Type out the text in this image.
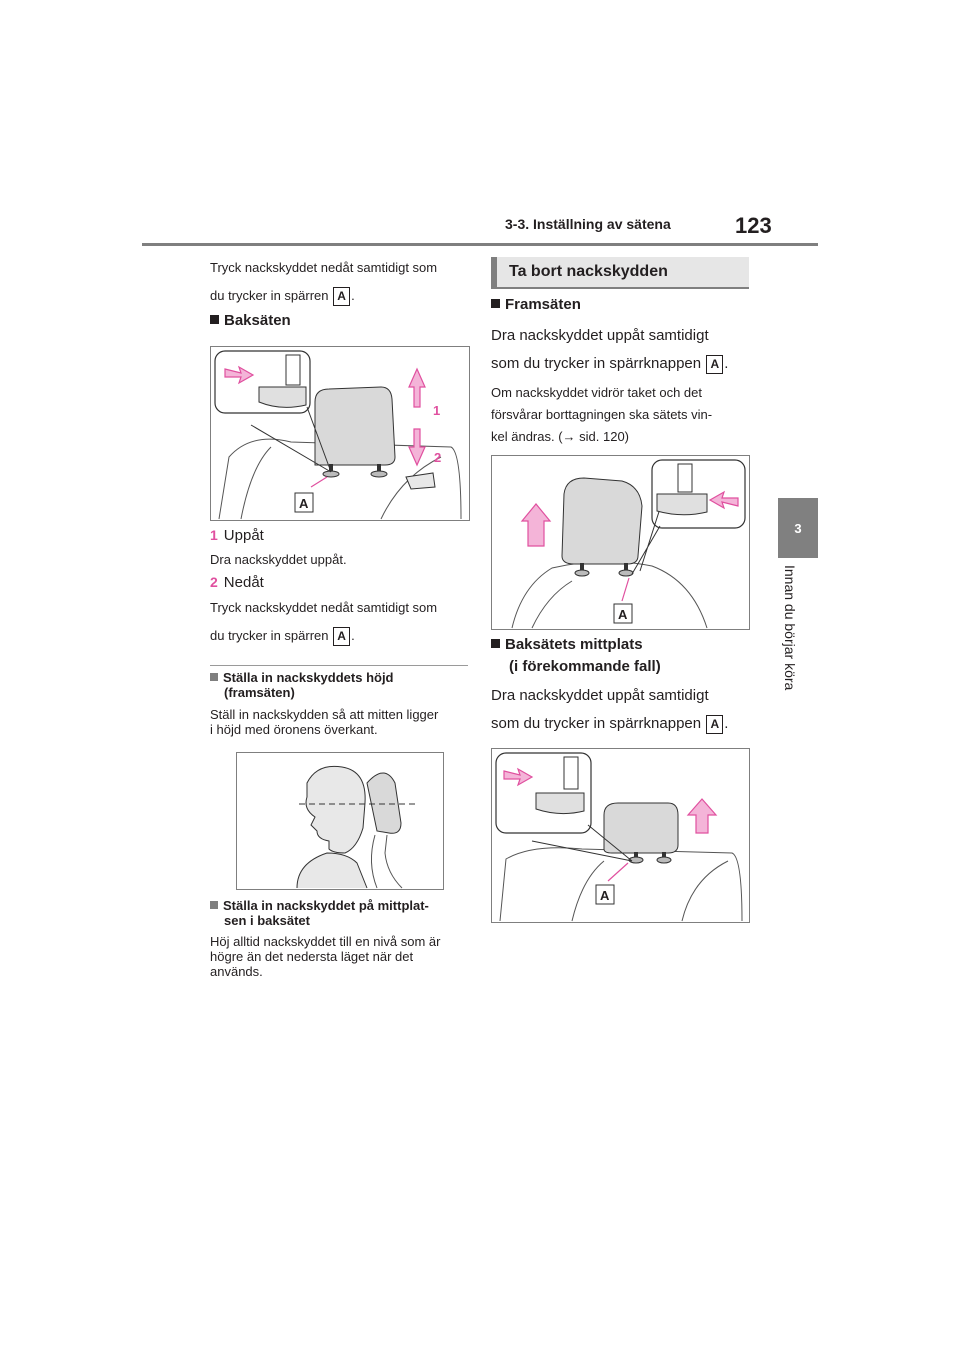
3-3. Inställning av sätena	123
3
Innan du börjar köra
Tryck nackskyddet nedåt samtidigt som
du trycker in spärren A .
Baksäten
1
2
A
1 Uppåt
Dra nackskyddet uppåt.
2 Nedåt
Tryck nackskyddet nedåt samtidigt som
du trycker in spärren A .
Ställa in nackskyddets höjd
(framsäten)
Ställ in nackskydden så att mitten ligger
i höjd med öronens överkant.
Ställa in nackskyddet på mittplat-
sen i baksätet
Höj alltid nackskyddet till en nivå som är
högre än det nedersta läget när det
används.
Ta bort nackskydden
Framsäten
Dra nackskyddet uppåt samtidigt
som du trycker in spärrknappen A .
Om nackskyddet vidrör taket och det
försvårar borttagningen ska sätets vin-
kel ändras. (→ sid. 120)
A
Baksätets mittplats
(i förekommande fall)
Dra nackskyddet uppåt samtidigt
som du trycker in spärrknappen A .
A
